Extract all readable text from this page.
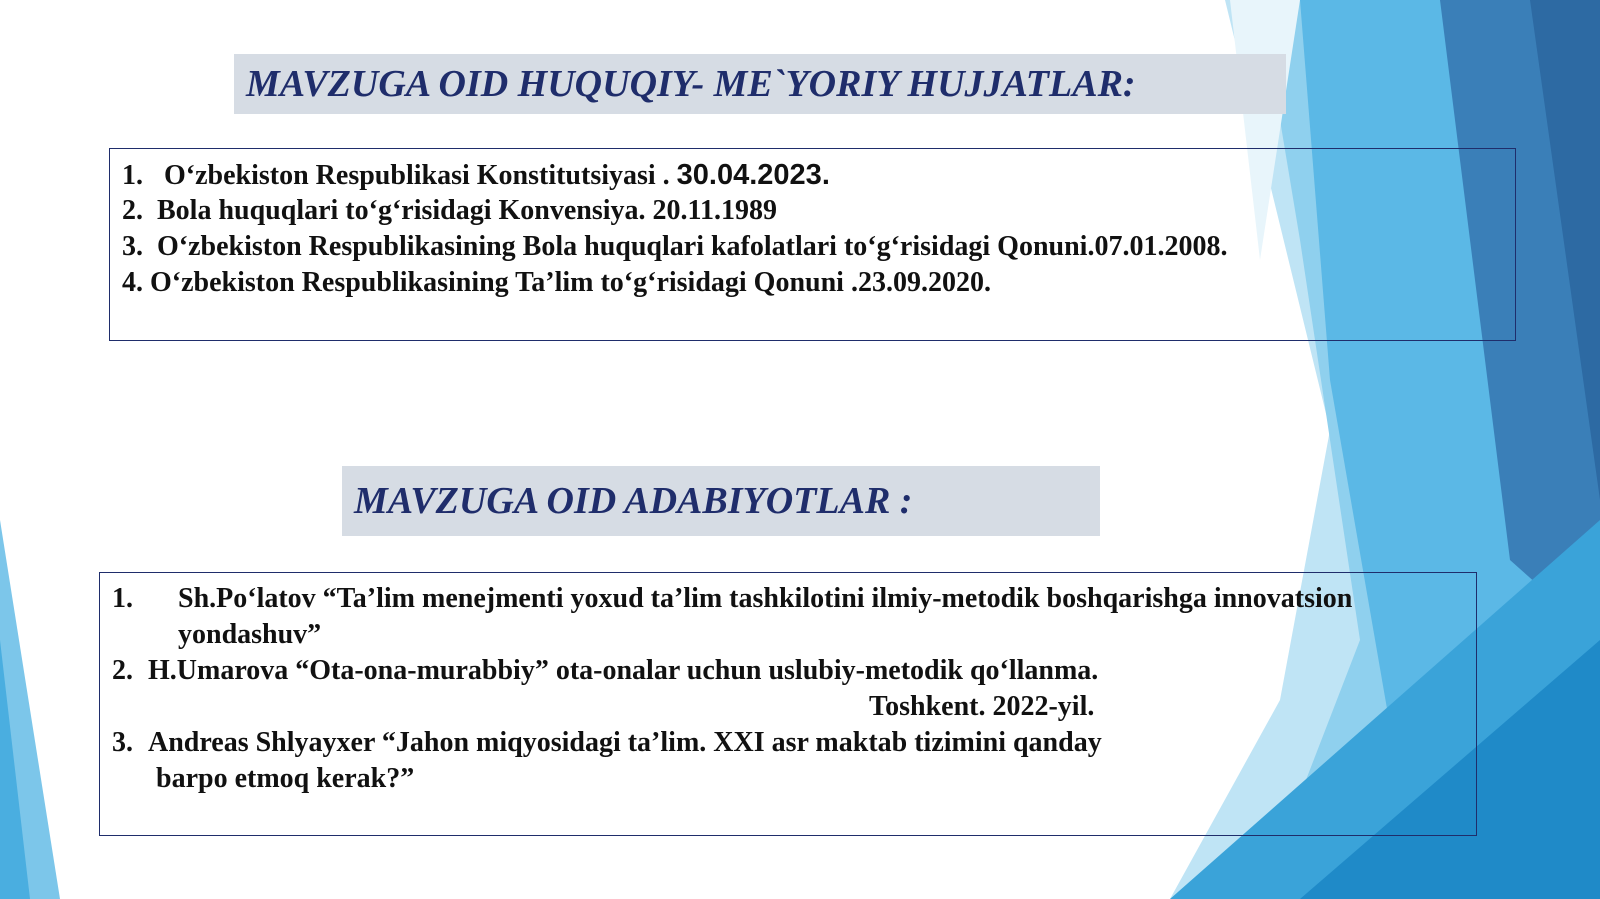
MAVZUGA OID HUQUQIY- ME`YORIY HUJJATLAR:
1. O‘zbekiston Respublikasi Konstitutsiyasi . 30.04.2023.
2. Bola huquqlari to‘g‘risidagi Konvensiya. 20.11.1989
3. O‘zbekiston Respublikasining Bola huquqlari kafolatlari to‘g‘risidagi Qonuni.07.01.2008.
4. O‘zbekiston Respublikasining Ta’lim to‘g‘risidagi Qonuni .23.09.2020.
MAVZUGA OID ADABIYOTLAR :
1. Sh.Po‘latov “Ta’lim menejmenti yoxud ta’lim tashkilotini ilmiy-metodik boshqarishga innovatsion
yondashuv”
2. H.Umarova “Ota-ona-murabbiy” ota-onalar uchun uslubiy-metodik qo‘llanma.
Toshkent. 2022-yil.
3. Andreas Shlyayxer “Jahon miqyosidagi ta’lim. XXI asr maktab tizimini qanday
barpo etmoq kerak?”
